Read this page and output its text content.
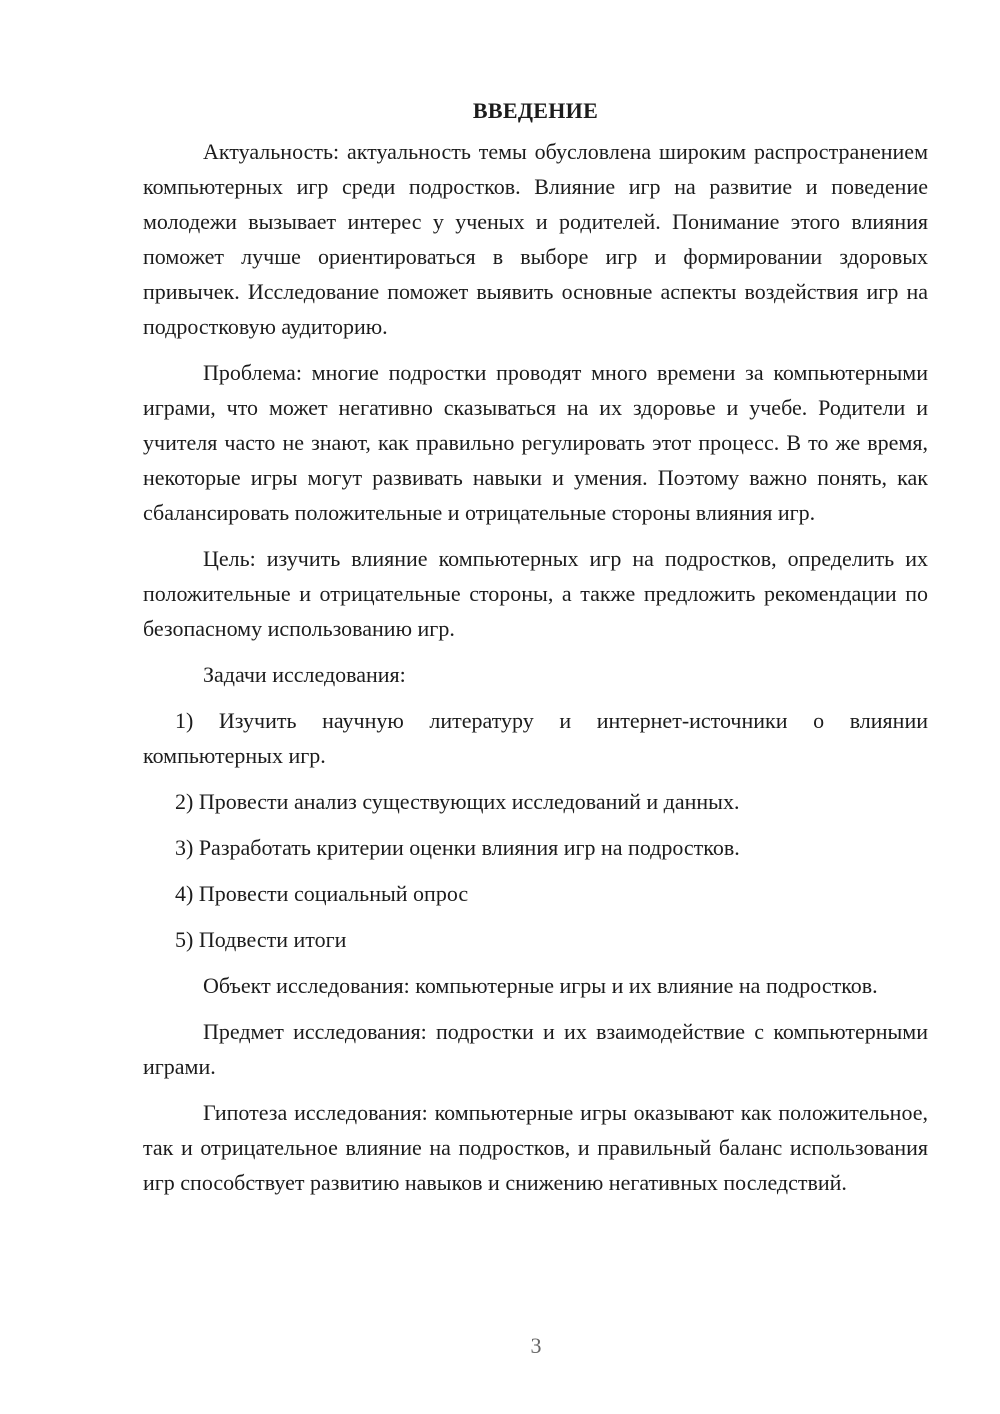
ВВЕДЕНИЕ

Актуальность: актуальность темы обусловлена широким распространением компьютерных игр среди подростков. Влияние игр на развитие и поведение молодежи вызывает интерес у ученых и родителей. Понимание этого влияния поможет лучше ориентироваться в выборе игр и формировании здоровых привычек. Исследование поможет выявить основные аспекты воздействия игр на подростковую аудиторию.

Проблема: многие подростки проводят много времени за компьютерными играми, что может негативно сказываться на их здоровье и учебе. Родители и учителя часто не знают, как правильно регулировать этот процесс. В то же время, некоторые игры могут развивать навыки и умения. Поэтому важно понять, как сбалансировать положительные и отрицательные стороны влияния игр.

Цель: изучить влияние компьютерных игр на подростков, определить их положительные и отрицательные стороны, а также предложить рекомендации по безопасному использованию игр.

Задачи исследования:

1) Изучить научную литературу и интернет-источники о влиянии компьютерных игр.

2) Провести анализ существующих исследований и данных.

3) Разработать критерии оценки влияния игр на подростков.

4) Провести социальный опрос

5) Подвести итоги

Объект исследования: компьютерные игры и их влияние на подростков.

Предмет исследования: подростки и их взаимодействие с компьютерными играми.

Гипотеза исследования: компьютерные игры оказывают как положительное, так и отрицательное влияние на подростков, и правильный баланс использования игр способствует развитию навыков и снижению негативных последствий.

3
